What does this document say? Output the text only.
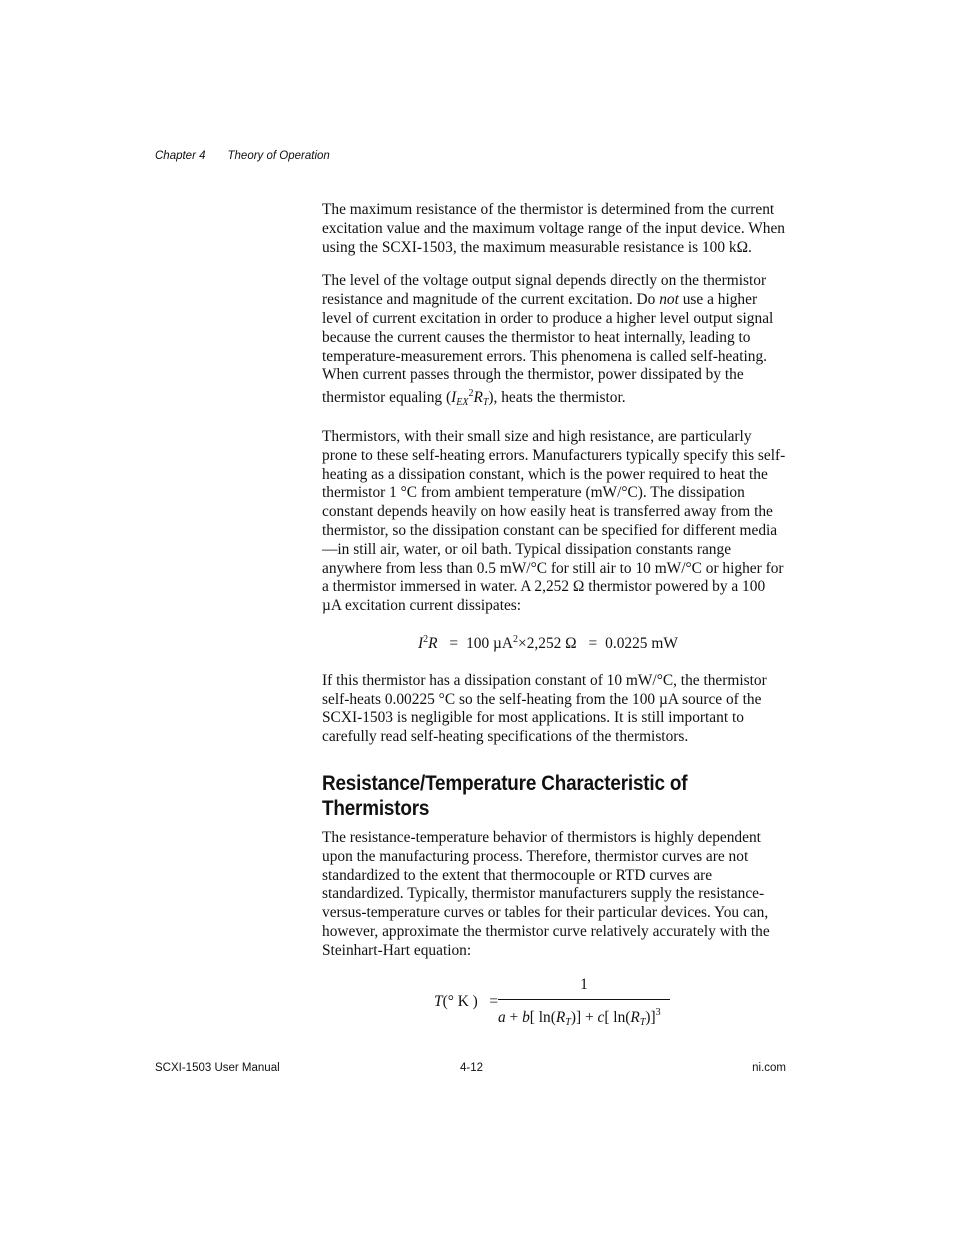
Chapter 4 Theory of Operation

The maximum resistance of the thermistor is determined from the current excitation value and the maximum voltage range of the input device. When using the SCXI-1503, the maximum measurable resistance is 100 kΩ.

The level of the voltage output signal depends directly on the thermistor resistance and magnitude of the current excitation. Do not use a higher level of current excitation in order to produce a higher level output signal because the current causes the thermistor to heat internally, leading to temperature-measurement errors. This phenomena is called self-heating. When current passes through the thermistor, power dissipated by the thermistor equaling (IEX$^2$RT), heats the thermistor.

Thermistors, with their small size and high resistance, are particularly prone to these self-heating errors. Manufacturers typically specify this self-heating as a dissipation constant, which is the power required to heat the thermistor 1 °C from ambient temperature (mW/°C). The dissipation constant depends heavily on how easily heat is transferred away from the thermistor, so the dissipation constant can be specified for different media—in still air, water, or oil bath. Typical dissipation constants range anywhere from less than 0.5 mW/°C for still air to 10 mW/°C or higher for a thermistor immersed in water. A 2,252 Ω thermistor powered by a 100 µA excitation current dissipates:

$I^2R = 100$ µA$^2$×2,252 Ω = 0.0225 mW

If this thermistor has a dissipation constant of 10 mW/°C, the thermistor self-heats 0.00225 °C so the self-heating from the 100 µA source of the SCXI-1503 is negligible for most applications. It is still important to carefully read self-heating specifications of the thermistors.

Resistance/Temperature Characteristic of Thermistors

The resistance-temperature behavior of thermistors is highly dependent upon the manufacturing process. Therefore, thermistor curves are not standardized to the extent that thermocouple or RTD curves are standardized. Typically, thermistor manufacturers supply the resistance-versus-temperature curves or tables for their particular devices. You can, however, approximate the thermistor curve relatively accurately with the Steinhart-Hart equation:

T(° K ) =
1
a + b[ $\ln(R_T)] + c$[ $\ln(R_T)]^3$
SCXI-1503 User Manual	4-12	ni.com
